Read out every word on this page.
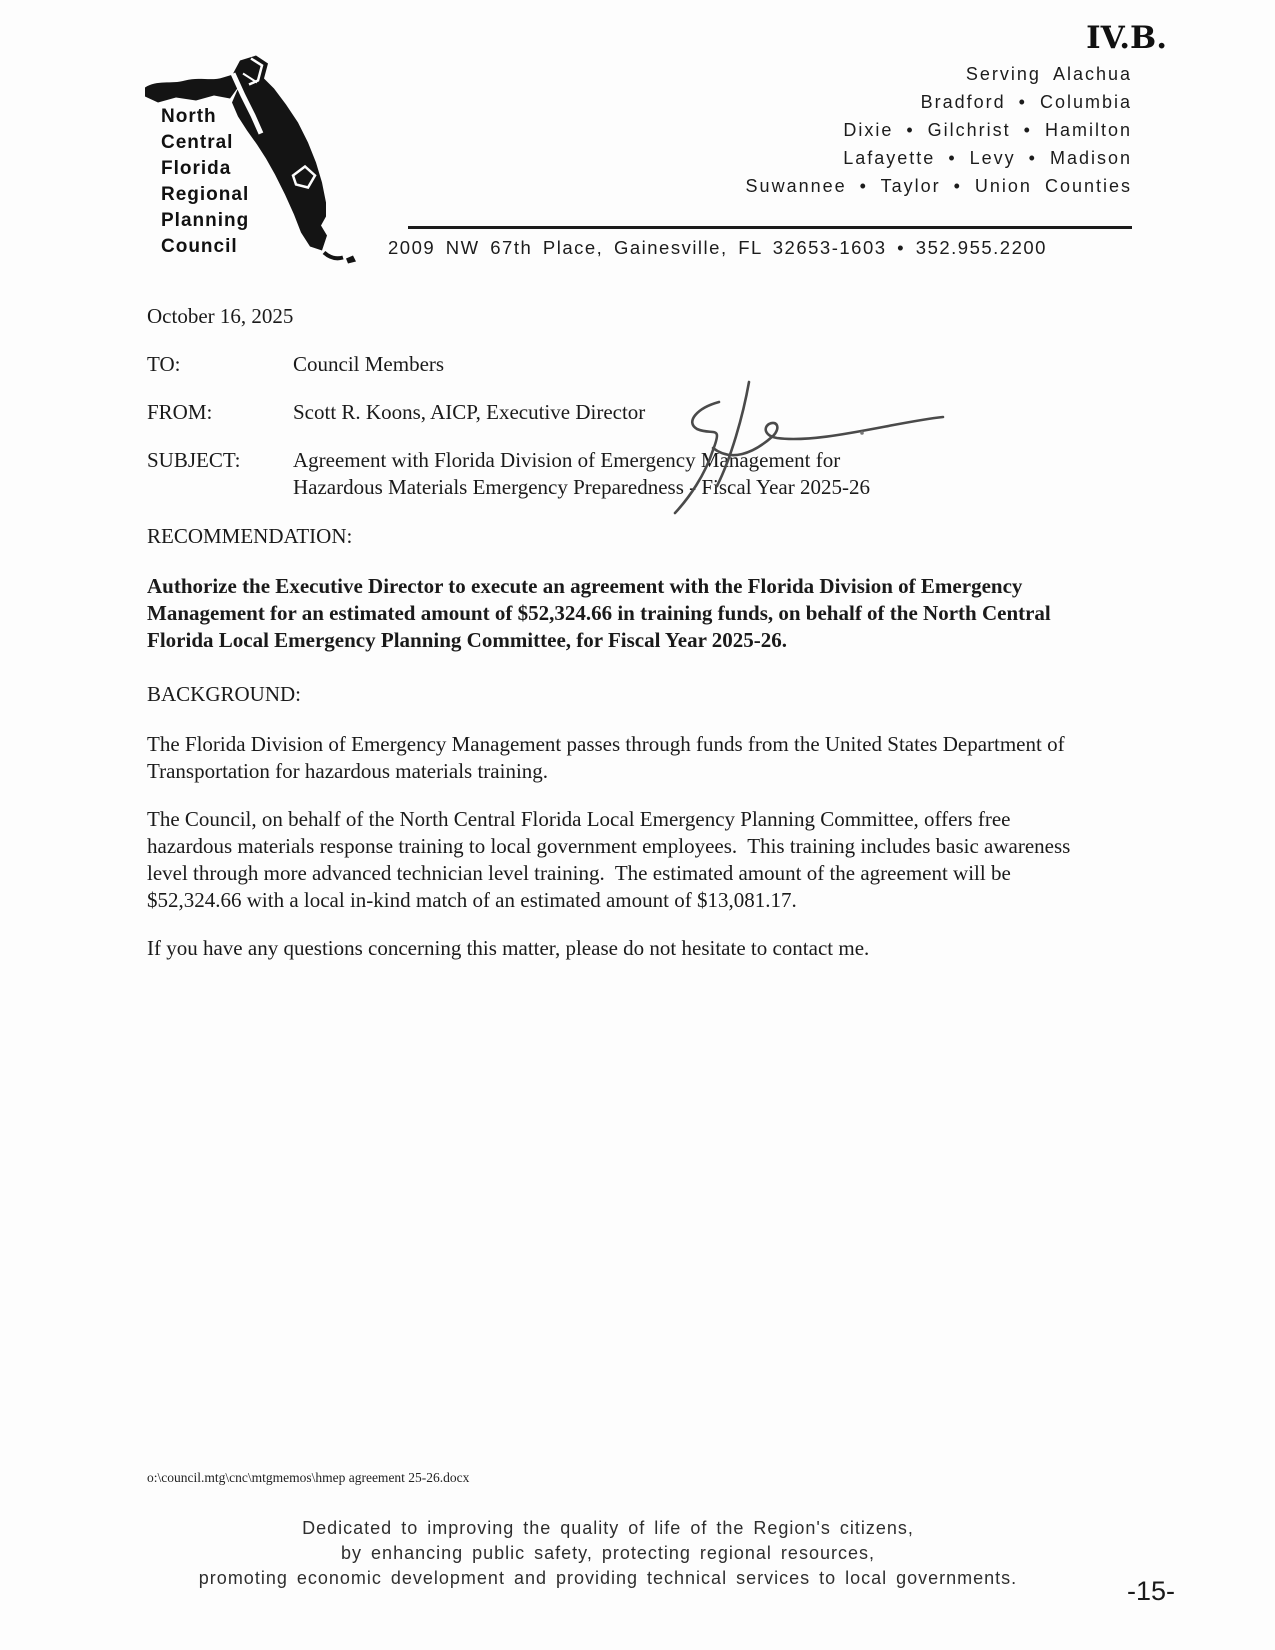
IV.B.
North
Central
Florida
Regional
Planning
Council
Serving Alachua
Bradford • Columbia
Dixie • Gilchrist • Hamilton
Lafayette • Levy • Madison
Suwannee • Taylor • Union Counties
2009 NW 67th Place, Gainesville, FL 32653-1603 • 352.955.2200

October 16, 2025

TO:	Council Members
FROM:	Scott R. Koons, AICP, Executive Director
SUBJECT:	Agreement with Florida Division of Emergency Management for
Hazardous Materials Emergency Preparedness - Fiscal Year 2025-26

RECOMMENDATION:

Authorize the Executive Director to execute an agreement with the Florida Division of Emergency Management for an estimated amount of $52,324.66 in training funds, on behalf of the North Central Florida Local Emergency Planning Committee, for Fiscal Year 2025-26.

BACKGROUND:

The Florida Division of Emergency Management passes through funds from the United States Department of Transportation for hazardous materials training.

The Council, on behalf of the North Central Florida Local Emergency Planning Committee, offers free hazardous materials response training to local government employees.  This training includes basic awareness level through more advanced technician level training.  The estimated amount of the agreement will be $52,324.66 with a local in-kind match of an estimated amount of $13,081.17.

If you have any questions concerning this matter, please do not hesitate to contact me.

o:\council.mtg\cnc\mtgmemos\hmep agreement 25-26.docx
Dedicated to improving the quality of life of the Region's citizens,
by enhancing public safety, protecting regional resources,
promoting economic development and providing technical services to local governments.	-15-
